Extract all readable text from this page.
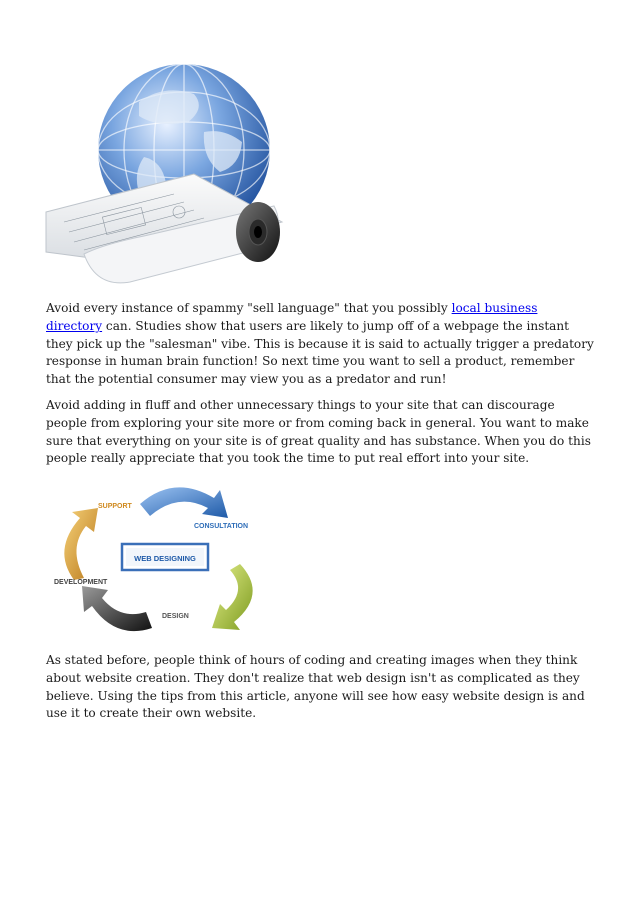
Avoid every instance of spammy "sell language" that you possibly local business directory can. Studies show that users are likely to jump off of a webpage the instant they pick up the "salesman" vibe. This is because it is said to actually trigger a predatory response in human brain function! So next time you want to sell a product, remember that the potential consumer may view you as a predator and run!

Avoid adding in fluff and other unnecessary things to your site that can discourage people from exploring your site more or from coming back in general. You want to make sure that everything on your site is of great quality and has substance. When you do this people really appreciate that you took the time to put real effort into your site.

WEB DESIGNING
SUPPORT
CONSULTATION
DEVELOPMENT
DESIGN

As stated before, people think of hours of coding and creating images when they think about website creation. They don't realize that web design isn't as complicated as they believe. Using the tips from this article, anyone will see how easy website design is and use it to create their own website.
